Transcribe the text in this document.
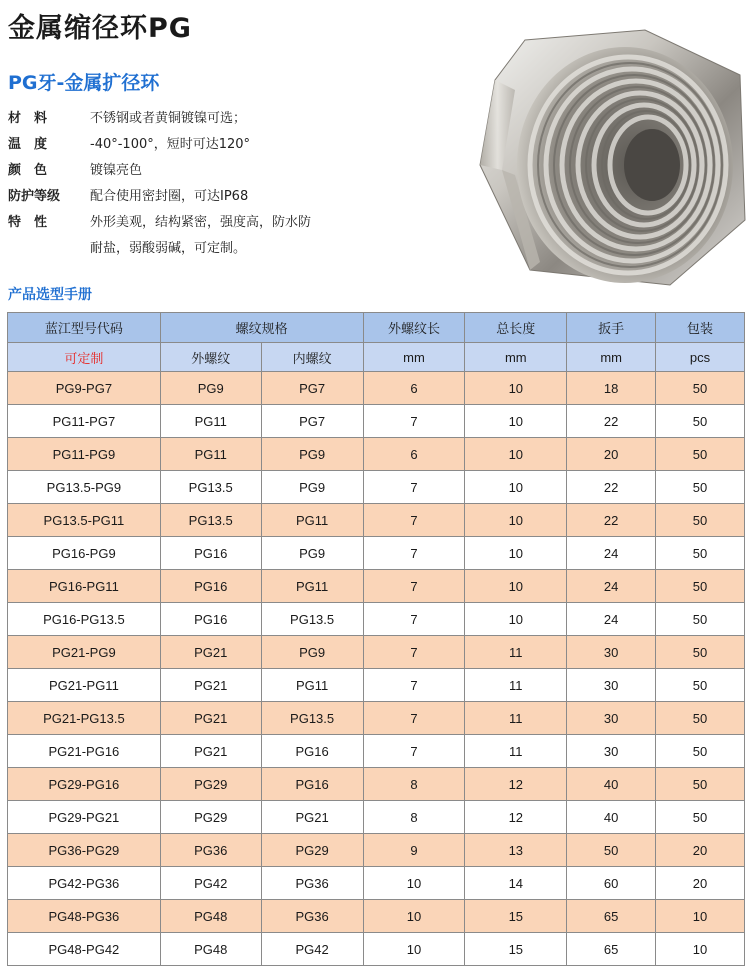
金属缩径环PG
PG牙-金属扩径环
材　料	不锈钢或者黄铜镀镍可选；
温　度	-40°-100°，短时可达120°
颜　色	镀镍亮色
防护等级	配合使用密封圈，可达IP68
特　性	外形美观，结构紧密，强度高，防水防
耐盐，弱酸弱碱，可定制。
产品选型手册
蓝江型号代码	螺纹规格		外螺纹长	总长度	扳手	包装
可定制	外螺纹	内螺纹	mm	mm	mm	pcs
PG9-PG7	PG9	PG7	6	10	18	50
PG11-PG7	PG11	PG7	7	10	22	50
PG11-PG9	PG11	PG9	6	10	20	50
PG13.5-PG9	PG13.5	PG9	7	10	22	50
PG13.5-PG11	PG13.5	PG11	7	10	22	50
PG16-PG9	PG16	PG9	7	10	24	50
PG16-PG11	PG16	PG11	7	10	24	50
PG16-PG13.5	PG16	PG13.5	7	10	24	50
PG21-PG9	PG21	PG9	7	11	30	50
PG21-PG11	PG21	PG11	7	11	30	50
PG21-PG13.5	PG21	PG13.5	7	11	30	50
PG21-PG16	PG21	PG16	7	11	30	50
PG29-PG16	PG29	PG16	8	12	40	50
PG29-PG21	PG29	PG21	8	12	40	50
PG36-PG29	PG36	PG29	9	13	50	20
PG42-PG36	PG42	PG36	10	14	60	20
PG48-PG36	PG48	PG36	10	15	65	10
PG48-PG42	PG48	PG42	10	15	65	10
